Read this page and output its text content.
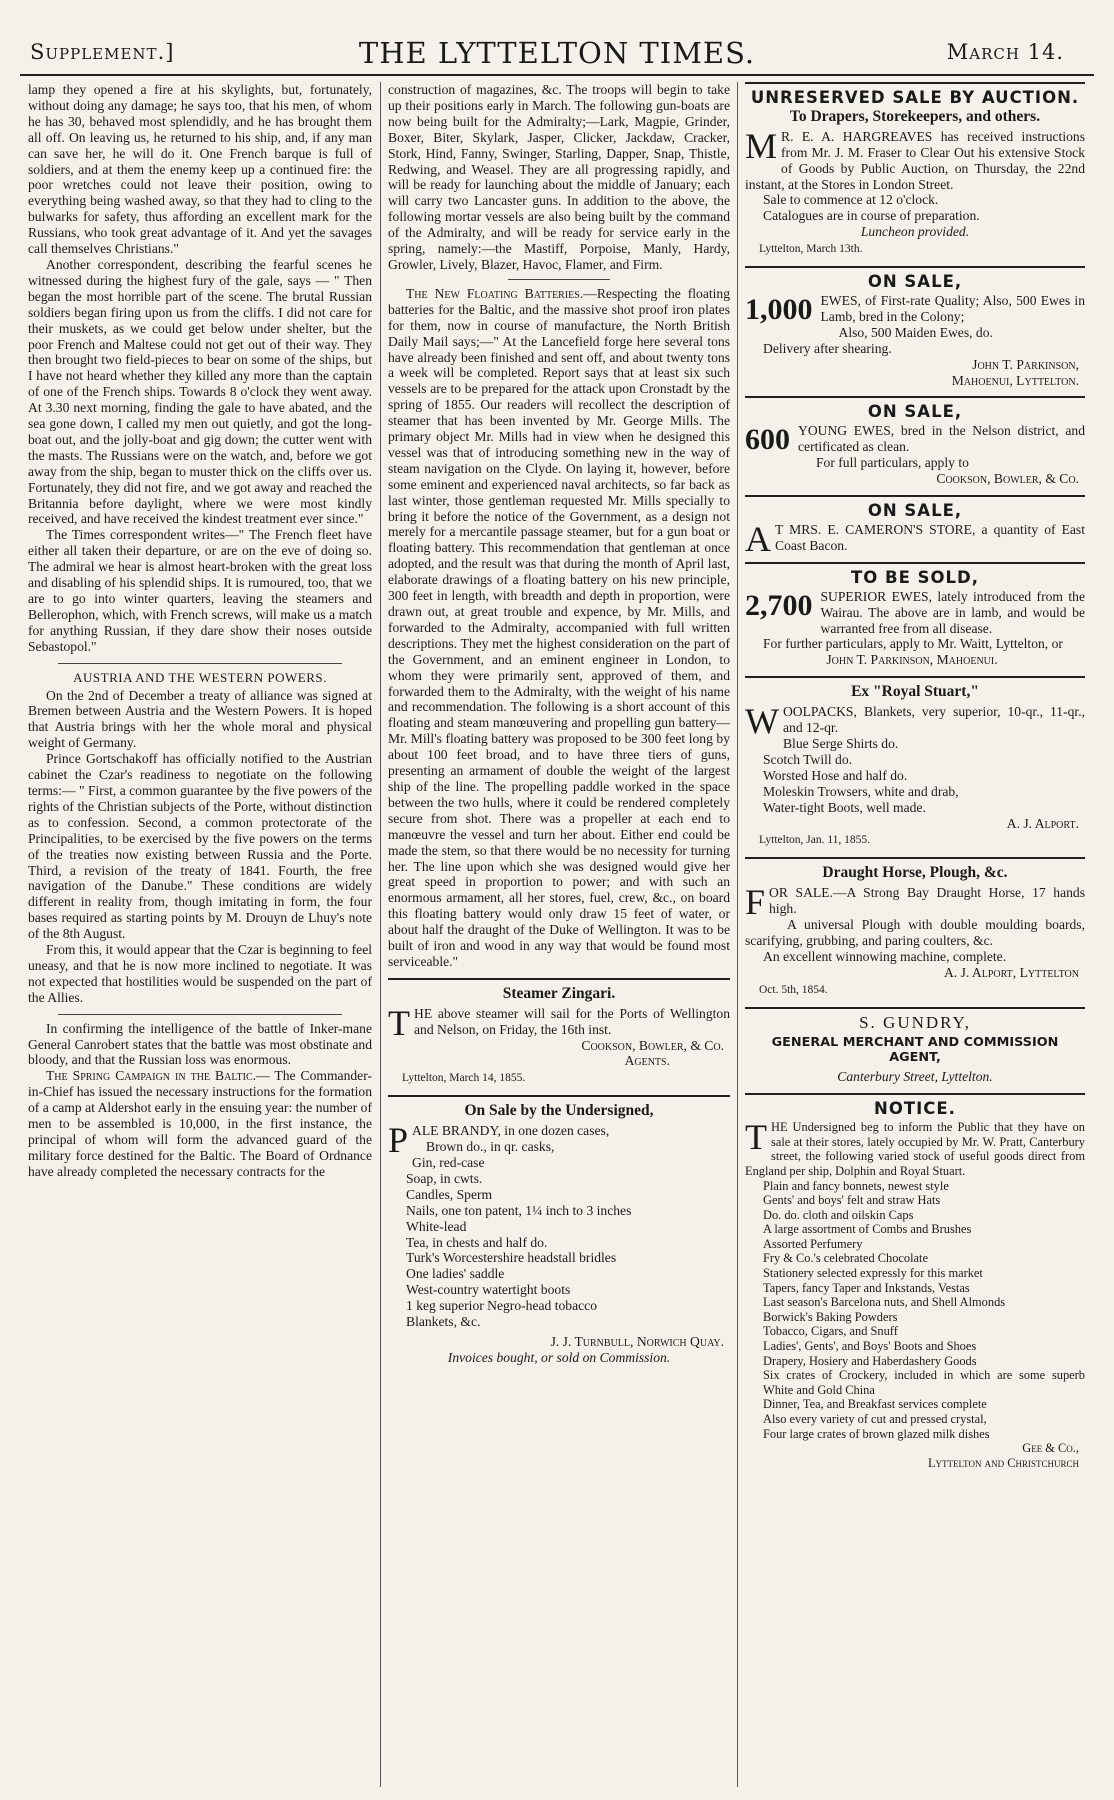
Supplement.]	THE LYTTELTON TIMES.	March 14.

lamp they opened a fire at his skylights, but, fortunately, without doing any damage; he says too, that his men, of whom he has 30, behaved most splendidly, and he has brought them all off. On leaving us, he returned to his ship, and, if any man can save her, he will do it. One French barque is full of soldiers, and at them the enemy keep up a continued fire: the poor wretches could not leave their position, owing to everything being washed away, so that they had to cling to the bulwarks for safety, thus affording an excellent mark for the Russians, who took great advantage of it. And yet the savages call themselves Christians."

Another correspondent, describing the fearful scenes he witnessed during the highest fury of the gale, says — " Then began the most horrible part of the scene. The brutal Russian soldiers began firing upon us from the cliffs. I did not care for their muskets, as we could get below under shelter, but the poor French and Maltese could not get out of their way. They then brought two field-pieces to bear on some of the ships, but I have not heard whether they killed any more than the captain of one of the French ships. Towards 8 o'clock they went away. At 3.30 next morning, finding the gale to have abated, and the sea gone down, I called my men out quietly, and got the long-boat out, and the jolly-boat and gig down; the cutter went with the masts. The Russians were on the watch, and, before we got away from the ship, began to muster thick on the cliffs over us. Fortunately, they did not fire, and we got away and reached the Britannia before daylight, where we were most kindly received, and have received the kindest treatment ever since."

The Times correspondent writes—" The French fleet have either all taken their departure, or are on the eve of doing so. The admiral we hear is almost heart-broken with the great loss and disabling of his splendid ships. It is rumoured, too, that we are to go into winter quarters, leaving the steamers and Bellerophon, which, with French screws, will make us a match for anything Russian, if they dare show their noses outside Sebastopol."

AUSTRIA AND THE WESTERN POWERS.

On the 2nd of December a treaty of alliance was signed at Bremen between Austria and the Western Powers. It is hoped that Austria brings with her the whole moral and physical weight of Germany.

Prince Gortschakoff has officially notified to the Austrian cabinet the Czar's readiness to negotiate on the following terms:— " First, a common guarantee by the five powers of the rights of the Christian subjects of the Porte, without distinction as to confession. Second, a common protectorate of the Principalities, to be exercised by the five powers on the terms of the treaties now existing between Russia and the Porte. Third, a revision of the treaty of 1841. Fourth, the free navigation of the Danube." These conditions are widely different in reality from, though imitating in form, the four bases required as starting points by M. Drouyn de Lhuy's note of the 8th August.

From this, it would appear that the Czar is beginning to feel uneasy, and that he is now more inclined to negotiate. It was not expected that hostilities would be suspended on the part of the Allies.

In confirming the intelligence of the battle of Inker-mane General Canrobert states that the battle was most obstinate and bloody, and that the Russian loss was enormous.

The Spring Campaign in the Baltic.— The Commander-in-Chief has issued the necessary instructions for the formation of a camp at Aldershot early in the ensuing year: the number of men to be assembled is 10,000, in the first instance, the principal of whom will form the advanced guard of the military force destined for the Baltic. The Board of Ordnance have already completed the necessary contracts for the

construction of magazines, &c. The troops will begin to take up their positions early in March. The following gun-boats are now being built for the Admiralty;—Lark, Magpie, Grinder, Boxer, Biter, Skylark, Jasper, Clicker, Jackdaw, Cracker, Stork, Hind, Fanny, Swinger, Starling, Dapper, Snap, Thistle, Redwing, and Weasel. They are all progressing rapidly, and will be ready for launching about the middle of January; each will carry two Lancaster guns. In addition to the above, the following mortar vessels are also being built by the command of the Admiralty, and will be ready for service early in the spring, namely:—the Mastiff, Porpoise, Manly, Hardy, Growler, Lively, Blazer, Havoc, Flamer, and Firm.

The New Floating Batteries.—Respecting the floating batteries for the Baltic, and the massive shot proof iron plates for them, now in course of manufacture, the North British Daily Mail says;—" At the Lancefield forge here several tons have already been finished and sent off, and about twenty tons a week will be completed. Report says that at least six such vessels are to be prepared for the attack upon Cronstadt by the spring of 1855. Our readers will recollect the description of steamer that has been invented by Mr. George Mills. The primary object Mr. Mills had in view when he designed this vessel was that of introducing something new in the way of steam navigation on the Clyde. On laying it, however, before some eminent and experienced naval architects, so far back as last winter, those gentleman requested Mr. Mills specially to bring it before the notice of the Government, as a design not merely for a mercantile passage steamer, but for a gun boat or floating battery. This recommendation that gentleman at once adopted, and the result was that during the month of April last, elaborate drawings of a floating battery on his new principle, 300 feet in length, with breadth and depth in proportion, were drawn out, at great trouble and expence, by Mr. Mills, and forwarded to the Admiralty, accompanied with full written descriptions. They met the highest consideration on the part of the Government, and an eminent engineer in London, to whom they were primarily sent, approved of them, and forwarded them to the Admiralty, with the weight of his name and recommendation. The following is a short account of this floating and steam manœuvering and propelling gun battery—Mr. Mill's floating battery was proposed to be 300 feet long by about 100 feet broad, and to have three tiers of guns, presenting an armament of double the weight of the largest ship of the line. The propelling paddle worked in the space between the two hulls, where it could be rendered completely secure from shot. There was a propeller at each end to manœuvre the vessel and turn her about. Either end could be made the stem, so that there would be no necessity for turning her. The line upon which she was designed would give her great speed in proportion to power; and with such an enormous armament, all her stores, fuel, crew, &c., on board this floating battery would only draw 15 feet of water, or about half the draught of the Duke of Wellington. It was to be built of iron and wood in any way that would be found most serviceable."

Steamer Zingari.

THE above steamer will sail for the Ports of Wellington and Nelson, on Friday, the 16th inst.

Cookson, Bowler, & Co.
Agents.
Lyttelton, March 14, 1855.
On Sale by the Undersigned,

PALE BRANDY, in one dozen cases,

Brown do., in qr. casks,
Gin, red-case
Soap, in cwts.
Candles, Sperm
Nails, one ton patent, 1¼ inch to 3 inches
White-lead
Tea, in chests and half do.
Turk's Worcestershire headstall bridles
One ladies' saddle
West-country watertight boots
1 keg superior Negro-head tobacco
Blankets, &c.
J. J. Turnbull, Norwich Quay.
Invoices bought, or sold on Commission.
UNRESERVED SALE BY AUCTION.
To Drapers, Storekeepers, and others.

M R. E. A. HARGREAVES has received instructions from Mr. J. M. Fraser to Clear Out his extensive Stock of Goods by Public Auction, on Thursday, the 22nd instant, at the Stores in London Street.

Sale to commence at 12 o'clock.

Catalogues are in course of preparation.

Luncheon provided.
Lyttelton, March 13th.
ON SALE,

1,000 EWES, of First-rate Quality; Also, 500 Ewes in Lamb, bred in the Colony;

Also, 500 Maiden Ewes, do.

Delivery after shearing.

John T. Parkinson,
Mahoenui, Lyttelton.
ON SALE,

600 YOUNG EWES, bred in the Nelson district, and certificated as clean.

For full particulars, apply to

Cookson, Bowler, & Co.
ON SALE,

A T MRS. E. CAMERON'S STORE, a quantity of East Coast Bacon.

TO BE SOLD,

2,700 SUPERIOR EWES, lately introduced from the Wairau. The above are in lamb, and would be warranted free from all disease.

For further particulars, apply to Mr. Waitt, Lyttelton, or

John T. Parkinson, Mahoenui.
Ex "Royal Stuart,"

WOOLPACKS, Blankets, very superior, 10-qr., 11-qr., and 12-qr.

Blue Serge Shirts do.
Scotch Twill do.
Worsted Hose and half do.
Moleskin Trowsers, white and drab,
Water-tight Boots, well made.
A. J. Alport.
Lyttelton, Jan. 11, 1855.
Draught Horse, Plough, &c.

FOR SALE.—A Strong Bay Draught Horse, 17 hands high.

A universal Plough with double moulding boards, scarifying, grubbing, and paring coulters, &c.

An excellent winnowing machine, complete.

A. J. Alport, Lyttelton
Oct. 5th, 1854.
S. GUNDRY,
GENERAL MERCHANT AND COMMISSION AGENT,
Canterbury Street, Lyttelton.
NOTICE.

THE Undersigned beg to inform the Public that they have on sale at their stores, lately occupied by Mr. W. Pratt, Canterbury street, the following varied stock of useful goods direct from England per ship, Dolphin and Royal Stuart.

Plain and fancy bonnets, newest style
Gents' and boys' felt and straw Hats
Do. do. cloth and oilskin Caps
A large assortment of Combs and Brushes
Assorted Perfumery
Fry & Co.'s celebrated Chocolate
Stationery selected expressly for this market
Tapers, fancy Taper and Inkstands, Vestas
Last season's Barcelona nuts, and Shell Almonds
Borwick's Baking Powders
Tobacco, Cigars, and Snuff
Ladies', Gents', and Boys' Boots and Shoes
Drapery, Hosiery and Haberdashery Goods
Six crates of Crockery, included in which are some superb White and Gold China
Dinner, Tea, and Breakfast services complete
Also every variety of cut and pressed crystal,
Four large crates of brown glazed milk dishes
Gee & Co.,
Lyttelton and Christchurch
